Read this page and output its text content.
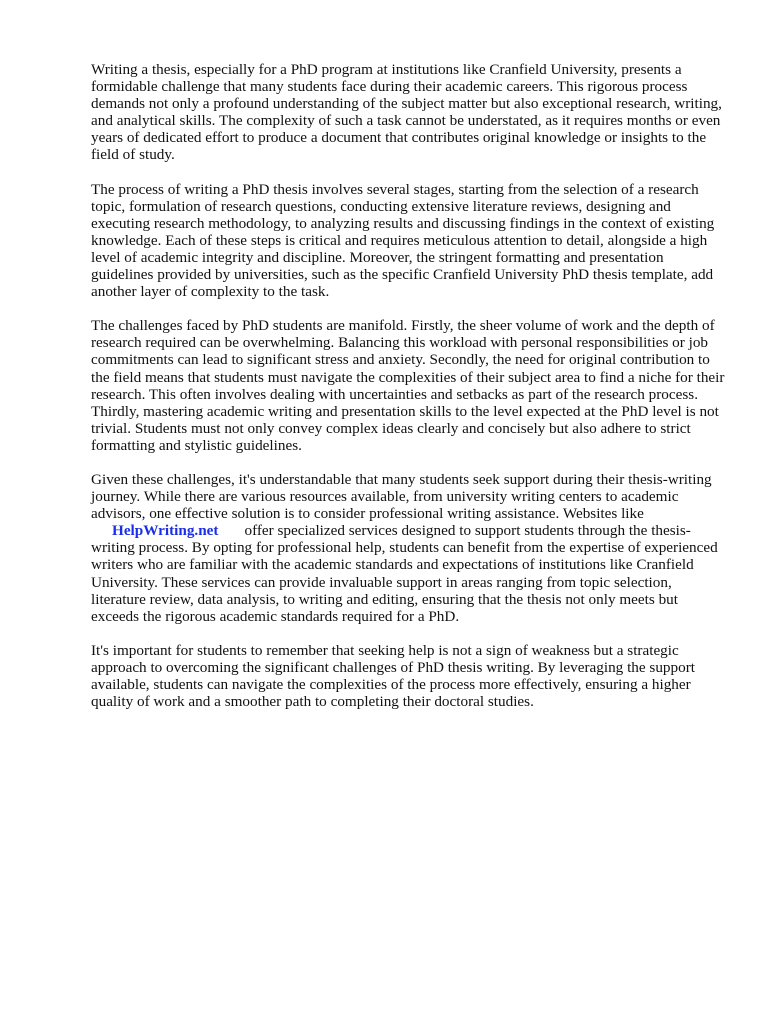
Writing a thesis, especially for a PhD program at institutions like Cranfield University, presents a formidable challenge that many students face during their academic careers. This rigorous process demands not only a profound understanding of the subject matter but also exceptional research, writing, and analytical skills. The complexity of such a task cannot be understated, as it requires months or even years of dedicated effort to produce a document that contributes original knowledge or insights to the field of study.

The process of writing a PhD thesis involves several stages, starting from the selection of a research topic, formulation of research questions, conducting extensive literature reviews, designing and executing research methodology, to analyzing results and discussing findings in the context of existing knowledge. Each of these steps is critical and requires meticulous attention to detail, alongside a high level of academic integrity and discipline. Moreover, the stringent formatting and presentation guidelines provided by universities, such as the specific Cranfield University PhD thesis template, add another layer of complexity to the task.

The challenges faced by PhD students are manifold. Firstly, the sheer volume of work and the depth of research required can be overwhelming. Balancing this workload with personal responsibilities or job commitments can lead to significant stress and anxiety. Secondly, the need for original contribution to the field means that students must navigate the complexities of their subject area to find a niche for their research. This often involves dealing with uncertainties and setbacks as part of the research process. Thirdly, mastering academic writing and presentation skills to the level expected at the PhD level is not trivial. Students must not only convey complex ideas clearly and concisely but also adhere to strict formatting and stylistic guidelines.

Given these challenges, it's understandable that many students seek support during their thesis-writing journey. While there are various resources available, from university writing centers to academic advisors, one effective solution is to consider professional writing assistance. Websites like
HelpWriting.net offer specialized services designed to support students through the thesis-writing process. By opting for professional help, students can benefit from the expertise of experienced writers who are familiar with the academic standards and expectations of institutions like Cranfield University. These services can provide invaluable support in areas ranging from topic selection, literature review, data analysis, to writing and editing, ensuring that the thesis not only meets but exceeds the rigorous academic standards required for a PhD.

It's important for students to remember that seeking help is not a sign of weakness but a strategic approach to overcoming the significant challenges of PhD thesis writing. By leveraging the support available, students can navigate the complexities of the process more effectively, ensuring a higher quality of work and a smoother path to completing their doctoral studies.
